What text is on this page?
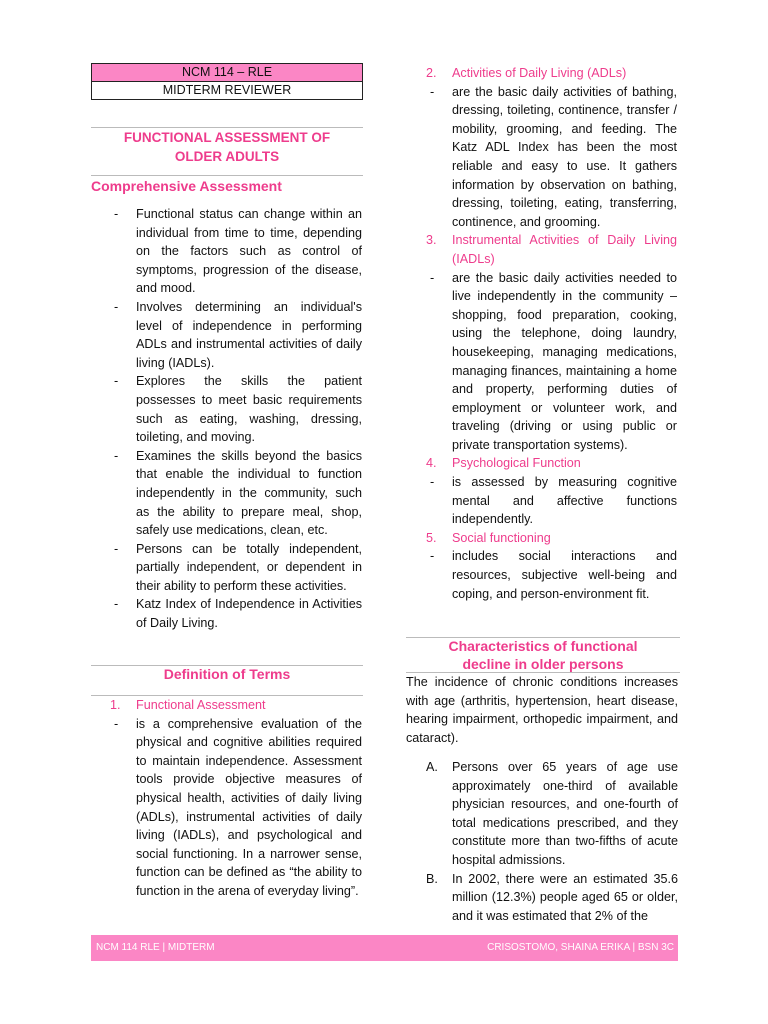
NCM 114 – RLE
MIDTERM REVIEWER
FUNCTIONAL ASSESSMENT OF
OLDER ADULTS
Comprehensive Assessment
- Functional status can change within an individual from time to time, depending on the factors such as control of symptoms, progression of the disease, and mood.
- Involves determining an individual's level of independence in performing ADLs and instrumental activities of daily living (IADLs).
- Explores the skills the patient possesses to meet basic requirements such as eating, washing, dressing, toileting, and moving.
- Examines the skills beyond the basics that enable the individual to function independently in the community, such as the ability to prepare meal, shop, safely use medications, clean, etc.
- Persons can be totally independent, partially independent, or dependent in their ability to perform these activities.
- Katz Index of Independence in Activities of Daily Living.
Definition of Terms
1. Functional Assessment
- is a comprehensive evaluation of the physical and cognitive abilities required to maintain independence. Assessment tools provide objective measures of physical health, activities of daily living (ADLs), instrumental activities of daily living (IADLs), and psychological and social functioning. In a narrower sense, function can be defined as “the ability to function in the arena of everyday living”.
2. Activities of Daily Living (ADLs)
- are the basic daily activities of bathing, dressing, toileting, continence, transfer / mobility, grooming, and feeding. The Katz ADL Index has been the most reliable and easy to use. It gathers information by observation on bathing, dressing, toileting, eating, transferring, continence, and grooming.
3. Instrumental Activities of Daily Living (IADLs)
- are the basic daily activities needed to live independently in the community – shopping, food preparation, cooking, using the telephone, doing laundry, housekeeping, managing medications, managing finances, maintaining a home and property, performing duties of employment or volunteer work, and traveling (driving or using public or private transportation systems).
4. Psychological Function
- is assessed by measuring cognitive mental and affective functions independently.
5. Social functioning
- includes social interactions and resources, subjective well-being and coping, and person-environment fit.
Characteristics of functional
decline in older persons
The incidence of chronic conditions increases with age (arthritis, hypertension, heart disease, hearing impairment, orthopedic impairment, and cataract).
A. Persons over 65 years of age use approximately one-third of available physician resources, and one-fourth of total medications prescribed, and they constitute more than two-fifths of acute hospital admissions.
B. In 2002, there were an estimated 35.6 million (12.3%) people aged 65 or older, and it was estimated that 2% of the
NCM 114 RLE | MIDTERM	CRISOSTOMO, SHAINA ERIKA | BSN 3C
